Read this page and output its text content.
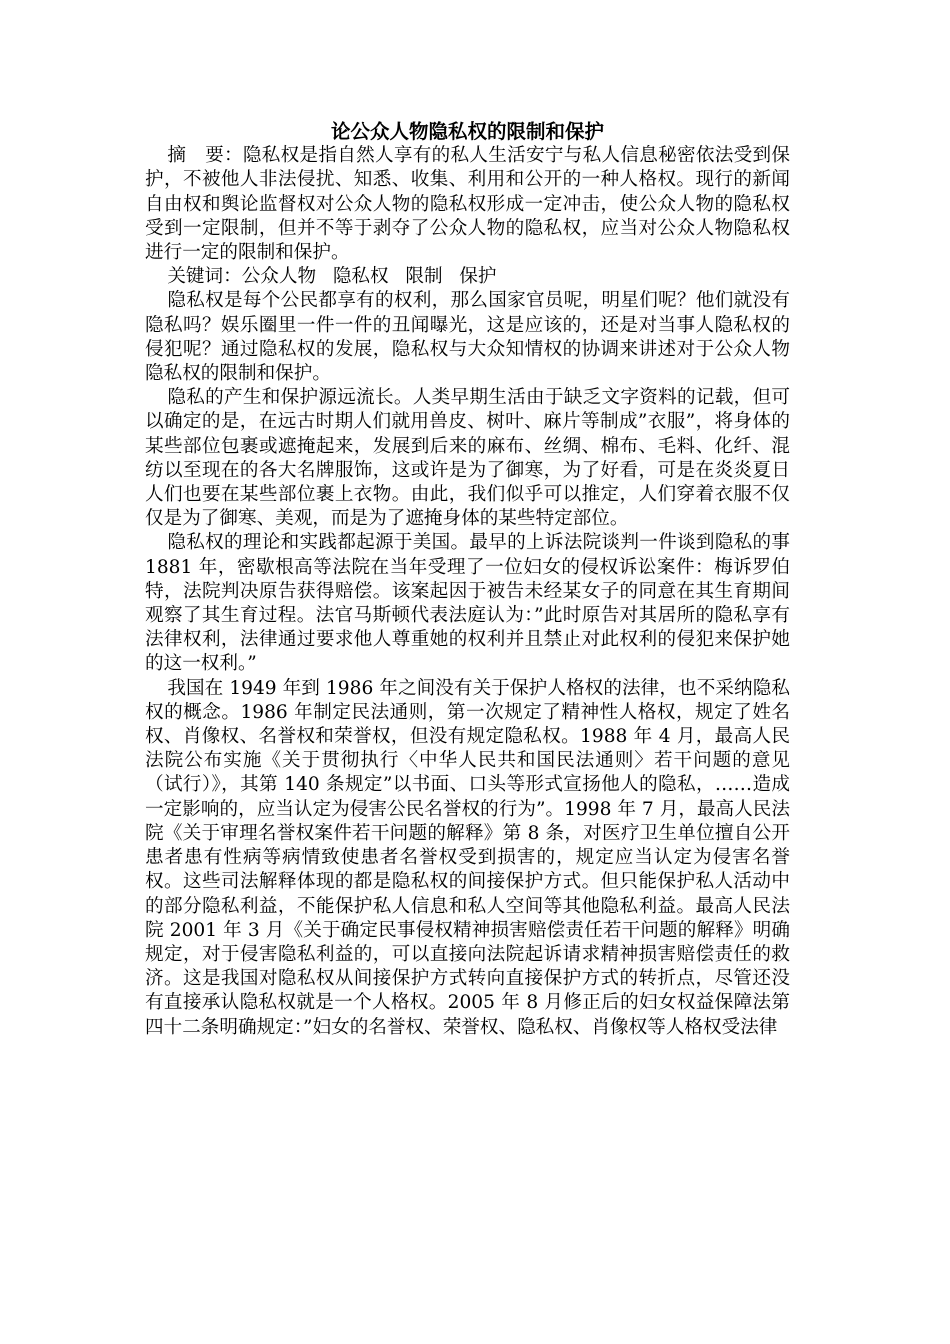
论公众人物隐私权的限制和保护

摘　要：隐私权是指自然人享有的私人生活安宁与私人信息秘密依法受到保护，不被他人非法侵扰、知悉、收集、利用和公开的一种人格权。现行的新闻自由权和舆论监督权对公众人物的隐私权形成一定冲击，使公众人物的隐私权受到一定限制，但并不等于剥夺了公众人物的隐私权，应当对公众人物隐私权进行一定的限制和保护。

关键词：公众人物 隐私权 限制 保护

隐私权是每个公民都享有的权利，那么国家官员呢，明星们呢？他们就没有隐私吗？娱乐圈里一件一件的丑闻曝光，这是应该的，还是对当事人隐私权的侵犯呢？通过隐私权的发展，隐私权与大众知情权的协调来讲述对于公众人物隐私权的限制和保护。

隐私的产生和保护源远流长。人类早期生活由于缺乏文字资料的记载，但可以确定的是，在远古时期人们就用兽皮、树叶、麻片等制成”衣服”，将身体的某些部位包裹或遮掩起来，发展到后来的麻布、丝绸、棉布、毛料、化纤、混纺以至现在的各大名牌服饰，这或许是为了御寒，为了好看，可是在炎炎夏日人们也要在某些部位裹上衣物。由此，我们似乎可以推定，人们穿着衣服不仅仅是为了御寒、美观，而是为了遮掩身体的某些特定部位。

隐私权的理论和实践都起源于美国。最早的上诉法院谈判一件谈到隐私的事 1881 年，密歇根高等法院在当年受理了一位妇女的侵权诉讼案件：梅诉罗伯特，法院判决原告获得赔偿。该案起因于被告未经某女子的同意在其生育期间观察了其生育过程。法官马斯顿代表法庭认为：”此时原告对其居所的隐私享有法律权利，法律通过要求他人尊重她的权利并且禁止对此权利的侵犯来保护她的这一权利。”

我国在 1949 年到 1986 年之间没有关于保护人格权的法律，也不采纳隐私权的概念。1986 年制定民法通则，第一次规定了精神性人格权，规定了姓名权、肖像权、名誉权和荣誉权，但没有规定隐私权。1988 年 4 月，最高人民法院公布实施《关于贯彻执行〈中华人民共和国民法通则〉若干问题的意见（试行）》，其第 140 条规定”以书面、口头等形式宣扬他人的隐私，……造成一定影响的，应当认定为侵害公民名誉权的行为”。1998 年 7 月，最高人民法院《关于审理名誉权案件若干问题的解释》第 8 条，对医疗卫生单位擅自公开患者患有性病等病情致使患者名誉权受到损害的，规定应当认定为侵害名誉权。这些司法解释体现的都是隐私权的间接保护方式。但只能保护私人活动中的部分隐私利益，不能保护私人信息和私人空间等其他隐私利益。最高人民法院 2001 年 3 月《关于确定民事侵权精神损害赔偿责任若干问题的解释》明确规定，对于侵害隐私利益的，可以直接向法院起诉请求精神损害赔偿责任的救济。这是我国对隐私权从间接保护方式转向直接保护方式的转折点，尽管还没有直接承认隐私权就是一个人格权。2005 年 8 月修正后的妇女权益保障法第四十二条明确规定：”妇女的名誉权、荣誉权、隐私权、肖像权等人格权受法律
